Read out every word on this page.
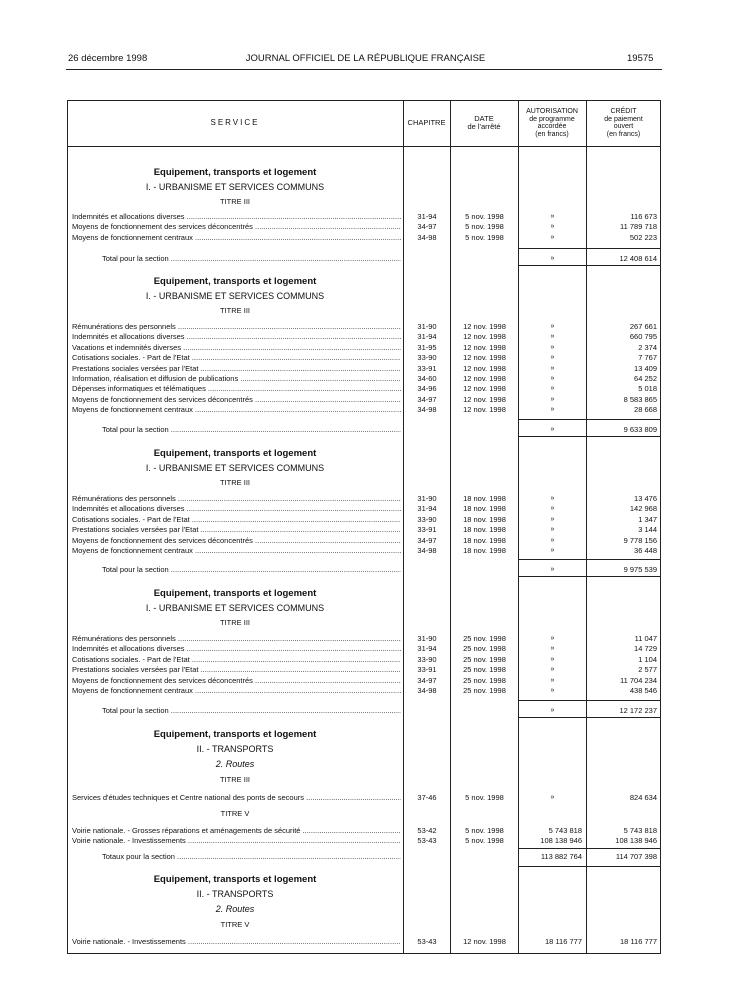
26 décembre 1998	JOURNAL OFFICIEL DE LA RÉPUBLIQUE FRANÇAISE	19575
SERVICE	CHAPITRE	DATE
de l'arrêté
AUTORISATION
de programme
accordée
(en francs)
CRÉDIT
de paiement
ouvert
(en francs)
Equipement, transports et logement
I. - URBANISME ET SERVICES COMMUNS
TITRE III
Indemnités et allocations diverses .....	31-94	5 nov. 1998	»	116 673
Moyens de fonctionnement des services déconcentrés .....	34-97	5 nov. 1998	»	11 789 718
Moyens de fonctionnement centraux .....	34-98	5 nov. 1998	»	502 223
Total pour la section .....	»	12 408 614
Equipement, transports et logement
I. - URBANISME ET SERVICES COMMUNS
TITRE III
Rémunérations des personnels .....	31-90	12 nov. 1998	»	267 661
Indemnités et allocations diverses .....	31-94	12 nov. 1998	»	660 795
Vacations et indemnités diverses .....	31-95	12 nov. 1998	»	2 374
Cotisations sociales. - Part de l'Etat .....	33-90	12 nov. 1998	»	7 767
Prestations sociales versées par l'Etat .....	33-91	12 nov. 1998	»	13 409
Information, réalisation et diffusion de publications .....	34-60	12 nov. 1998	»	64 252
Dépenses informatiques et télématiques .....	34-96	12 nov. 1998	»	5 018
Moyens de fonctionnement des services déconcentrés .....	34-97	12 nov. 1998	»	8 583 865
Moyens de fonctionnement centraux .....	34-98	12 nov. 1998	»	28 668
Total pour la section .....	»	9 633 809
Equipement, transports et logement
I. - URBANISME ET SERVICES COMMUNS
TITRE III
Rémunérations des personnels .....	31-90	18 nov. 1998	»	13 476
Indemnités et allocations diverses .....	31-94	18 nov. 1998	»	142 968
Cotisations sociales. - Part de l'Etat .....	33-90	18 nov. 1998	»	1 347
Prestations sociales versées par l'Etat .....	33-91	18 nov. 1998	»	3 144
Moyens de fonctionnement des services déconcentrés .....	34-97	18 nov. 1998	»	9 778 156
Moyens de fonctionnement centraux .....	34-98	18 nov. 1998	»	36 448
Total pour la section .....	»	9 975 539
Equipement, transports et logement
I. - URBANISME ET SERVICES COMMUNS
TITRE III
Rémunérations des personnels .....	31-90	25 nov. 1998	»	11 047
Indemnités et allocations diverses .....	31-94	25 nov. 1998	»	14 729
Cotisations sociales. - Part de l'Etat .....	33-90	25 nov. 1998	»	1 104
Prestations sociales versées par l'Etat .....	33-91	25 nov. 1998	»	2 577
Moyens de fonctionnement des services déconcentrés .....	34-97	25 nov. 1998	»	11 704 234
Moyens de fonctionnement centraux .....	34-98	25 nov. 1998	»	438 546
Total pour la section .....	»	12 172 237
Equipement, transports et logement
II. - TRANSPORTS
2. Routes
TITRE III
Services d'études techniques et Centre national des ponts de secours .....	37-46	5 nov. 1998	»	824 634
TITRE V
Voirie nationale. - Grosses réparations et aménagements de sécurité .....	53-42	5 nov. 1998	5 743 818	5 743 818
Voirie nationale. - Investissements .....	53-43	5 nov. 1998	108 138 946	108 138 946
Totaux pour la section .....	113 882 764	114 707 398
Equipement, transports et logement
II. - TRANSPORTS
2. Routes
TITRE V
Voirie nationale. - Investissements .....	53-43	12 nov. 1998	18 116 777	18 116 777
